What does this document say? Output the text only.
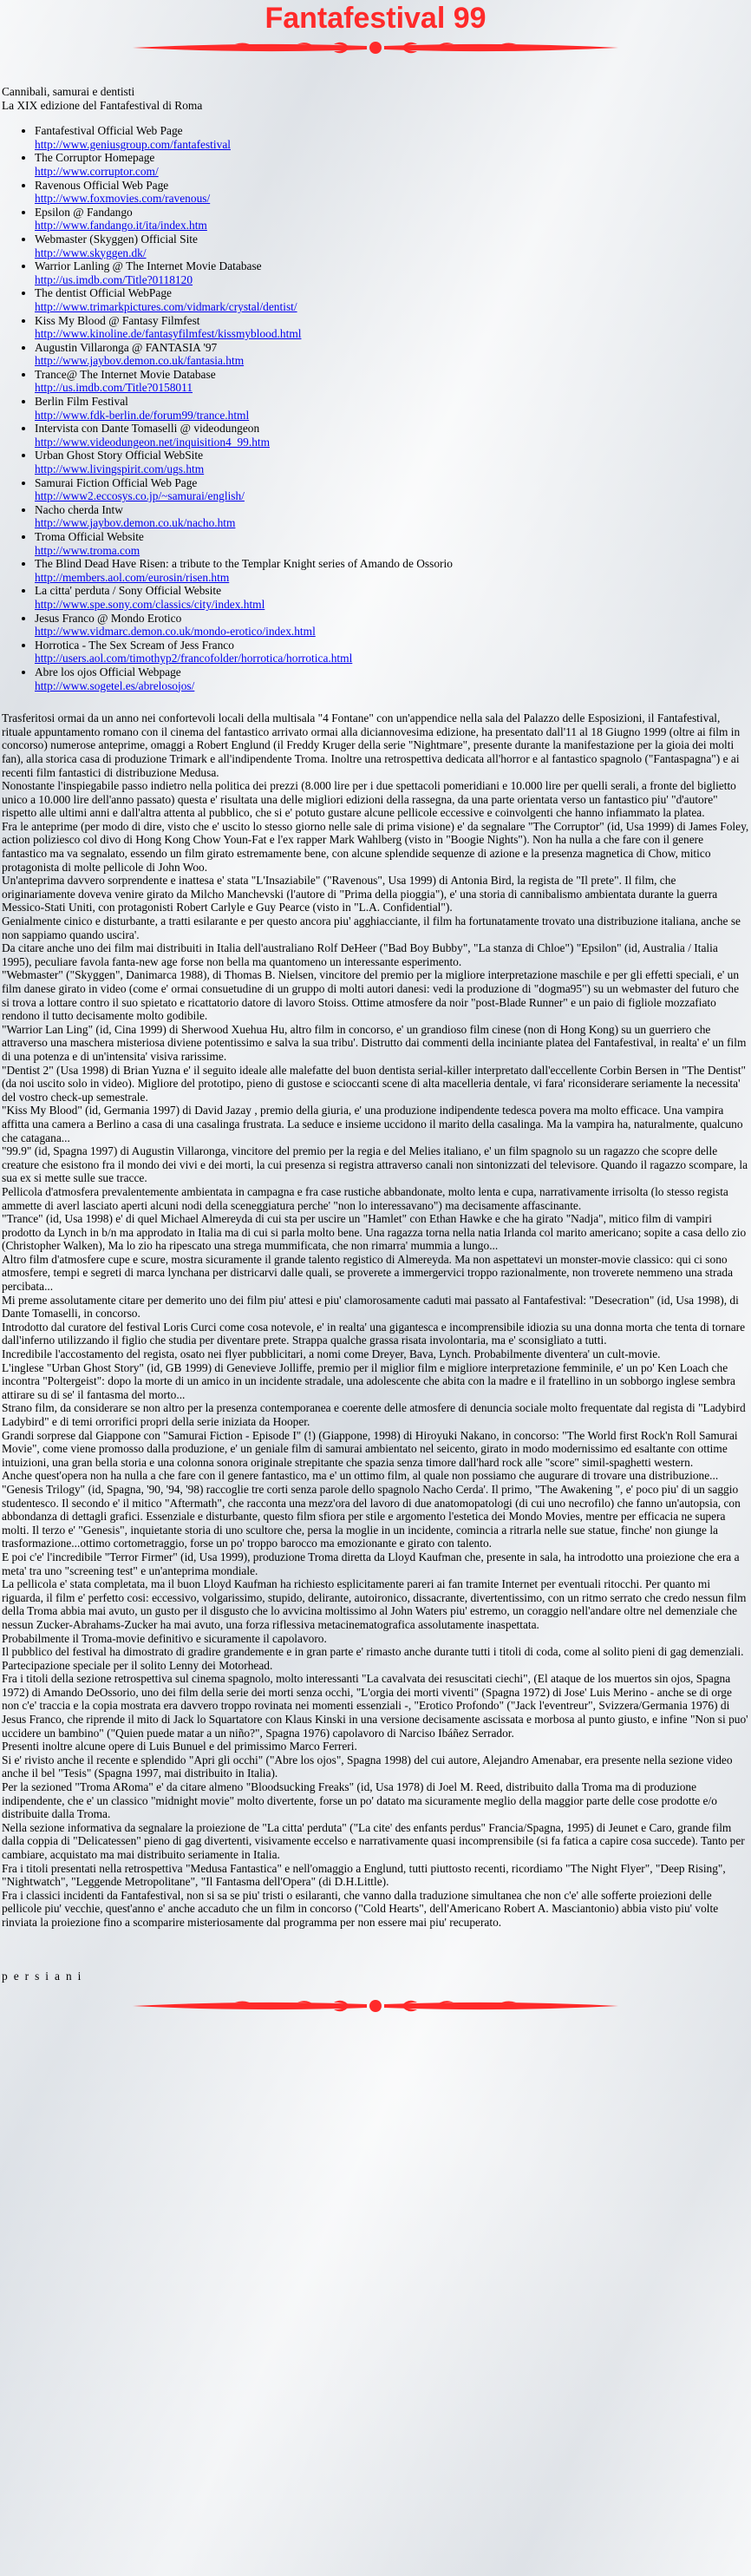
Fantafestival 99
Cannibali, samurai e dentisti
La XIX edizione del Fantafestival di Roma
• Fantafestival Official Web Page
http://www.geniusgroup.com/fantafestival
• The Corruptor Homepage
http://www.corruptor.com/
• Ravenous Official Web Page
http://www.foxmovies.com/ravenous/
• Epsilon @ Fandango
http://www.fandango.it/ita/index.htm
• Webmaster (Skyggen) Official Site
http://www.skyggen.dk/
• Warrior Lanling @ The Internet Movie Database
http://us.imdb.com/Title?0118120
• The dentist Official WebPage
http://www.trimarkpictures.com/vidmark/crystal/dentist/
• Kiss My Blood @ Fantasy Filmfest
http://www.kinoline.de/fantasyfilmfest/kissmyblood.html
• Augustin Villaronga @ FANTASIA '97
http://www.jaybov.demon.co.uk/fantasia.htm
• Trance@ The Internet Movie Database
http://us.imdb.com/Title?0158011
• Berlin Film Festival
http://www.fdk-berlin.de/forum99/trance.html
• Intervista con Dante Tomaselli @ videodungeon
http://www.videodungeon.net/inquisition4_99.htm
• Urban Ghost Story Official WebSite
http://www.livingspirit.com/ugs.htm
• Samurai Fiction Official Web Page
http://www2.eccosys.co.jp/~samurai/english/
• Nacho cherda Intw
http://www.jaybov.demon.co.uk/nacho.htm
• Troma Official Website
http://www.troma.com
• The Blind Dead Have Risen: a tribute to the Templar Knight series of Amando de Ossorio
http://members.aol.com/eurosin/risen.htm
• La citta' perduta / Sony Official Website
http://www.spe.sony.com/classics/city/index.html
• Jesus Franco @ Mondo Erotico
http://www.vidmarc.demon.co.uk/mondo-erotico/index.html
• Horrotica - The Sex Scream of Jess Franco
http://users.aol.com/timothyp2/francofolder/horrotica/horrotica.html
• Abre los ojos Official Webpage
http://www.sogetel.es/abrelosojos/

Trasferitosi ormai da un anno nei confortevoli locali della multisala "4 Fontane" con un'appendice nella sala del Palazzo delle Esposizioni, il Fantafestival, rituale appuntamento romano con il cinema del fantastico arrivato ormai alla diciannovesima edizione, ha presentato dall'11 al 18 Giugno 1999 (oltre ai film in concorso) numerose anteprime, omaggi a Robert Englund (il Freddy Kruger della serie "Nightmare", presente durante la manifestazione per la gioia dei molti fan), alla storica casa di produzione Trimark e all'indipendente Troma. Inoltre una retrospettiva dedicata all'horror e al fantastico spagnolo ("Fantaspagna") e ai recenti film fantastici di distribuzione Medusa.

Nonostante l'inspiegabile passo indietro nella politica dei prezzi (8.000 lire per i due spettacoli pomeridiani e 10.000 lire per quelli serali, a fronte del biglietto unico a 10.000 lire dell'anno passato) questa e' risultata una delle migliori edizioni della rassegna, da una parte orientata verso un fantastico piu' "d'autore" rispetto alle ultimi anni e dall'altra attenta al pubblico, che si e' potuto gustare alcune pellicole eccessive e coinvolgenti che hanno infiammato la platea.

Fra le anteprime (per modo di dire, visto che e' uscito lo stesso giorno nelle sale di prima visione) e' da segnalare "The Corruptor" (id, Usa 1999) di James Foley, action poliziesco col divo di Hong Kong Chow Youn-Fat e l'ex rapper Mark Wahlberg (visto in "Boogie Nights"). Non ha nulla a che fare con il genere fantastico ma va segnalato, essendo un film girato estremamente bene, con alcune splendide sequenze di azione e la presenza magnetica di Chow, mitico protagonista di molte pellicole di John Woo.

Un'anteprima davvero sorprendente e inattesa e' stata "L'Insaziabile" ("Ravenous", Usa 1999) di Antonia Bird, la regista de "Il prete". Il film, che originariamente doveva venire girato da Milcho Manchevski (l'autore di "Prima della pioggia"), e' una storia di cannibalismo ambientata durante la guerra Messico-Stati Uniti, con protagonisti Robert Carlyle e Guy Pearce (visto in "L.A. Confidential").

Genialmente cinico e disturbante, a tratti esilarante e per questo ancora piu' agghiacciante, il film ha fortunatamente trovato una distribuzione italiana, anche se non sappiamo quando uscira'.

Da citare anche uno dei film mai distribuiti in Italia dell'australiano Rolf DeHeer ("Bad Boy Bubby", "La stanza di Chloe") "Epsilon" (id, Australia / Italia 1995), peculiare favola fanta-new age forse non bella ma quantomeno un interessante esperimento.

"Webmaster" ("Skyggen", Danimarca 1988), di Thomas B. Nielsen, vincitore del premio per la migliore interpretazione maschile e per gli effetti speciali, e' un film danese girato in video (come e' ormai consuetudine di un gruppo di molti autori danesi: vedi la produzione di "dogma95") su un webmaster del futuro che si trova a lottare contro il suo spietato e ricattatorio datore di lavoro Stoiss. Ottime atmosfere da noir "post-Blade Runner" e un paio di figliole mozzafiato rendono il tutto decisamente molto godibile.

"Warrior Lan Ling" (id, Cina 1999) di Sherwood Xuehua Hu, altro film in concorso, e' un grandioso film cinese (non di Hong Kong) su un guerriero che attraverso una maschera misteriosa diviene potentissimo e salva la sua tribu'. Distrutto dai commenti della inciniante platea del Fantafestival, in realta' e' un film di una potenza e di un'intensita' visiva rarissime.

"Dentist 2" (Usa 1998) di Brian Yuzna e' il seguito ideale alle malefatte del buon dentista serial-killer interpretato dall'eccellente Corbin Bersen in "The Dentist" (da noi uscito solo in video). Migliore del prototipo, pieno di gustose e scioccanti scene di alta macelleria dentale, vi fara' riconsiderare seriamente la necessita' del vostro check-up semestrale.

"Kiss My Blood" (id, Germania 1997) di David Jazay , premio della giuria, e' una produzione indipendente tedesca povera ma molto efficace. Una vampira affitta una camera a Berlino a casa di una casalinga frustrata. La seduce e insieme uccidono il marito della casalinga. Ma la vampira ha, naturalmente, qualcuno che catagana...

"99.9" (id, Spagna 1997) di Augustin Villaronga, vincitore del premio per la regia e del Melies italiano, e' un film spagnolo su un ragazzo che scopre delle creature che esistono fra il mondo dei vivi e dei morti, la cui presenza si registra attraverso canali non sintonizzati del televisore. Quando il ragazzo scompare, la sua ex si mette sulle sue tracce.

Pellicola d'atmosfera prevalentemente ambientata in campagna e fra case rustiche abbandonate, molto lenta e cupa, narrativamente irrisolta (lo stesso regista ammette di averl lasciato aperti alcuni nodi della sceneggiatura perche' "non lo interessavano") ma decisamente affascinante.

"Trance" (id, Usa 1998) e' di quel Michael Almereyda di cui sta per uscire un "Hamlet" con Ethan Hawke e che ha girato "Nadja", mitico film di vampiri prodotto da Lynch in b/n ma approdato in Italia ma di cui si parla molto bene. Una ragazza torna nella natia Irlanda col marito americano; sopite a casa dello zio (Christopher Walken), Ma lo zio ha ripescato una strega mummificata, che non rimarra' mummia a lungo...

Altro film d'atmosfere cupe e scure, mostra sicuramente il grande talento registico di Almereyda. Ma non aspettatevi un monster-movie classico: qui ci sono atmosfere, tempi e segreti di marca lynchana per districarvi dalle quali, se proverete a immergervici troppo razionalmente, non troverete nemmeno una strada percibata...

Mi preme assolutamente citare per demerito uno dei film piu' attesi e piu' clamorosamente caduti mai passato al Fantafestival: "Desecration" (id, Usa 1998), di Dante Tomaselli, in concorso.

Introdotto dal curatore del festival Loris Curci come cosa notevole, e' in realta' una gigantesca e incomprensibile idiozia su una donna morta che tenta di tornare dall'inferno utilizzando il figlio che studia per diventare prete. Strappa qualche grassa risata involontaria, ma e' sconsigliato a tutti.

Incredibile l'accostamento del regista, osato nei flyer pubblicitari, a nomi come Dreyer, Bava, Lynch. Probabilmente diventera' un cult-movie.

L'inglese "Urban Ghost Story" (id, GB 1999) di Genevieve Jolliffe, premio per il miglior film e migliore interpretazione femminile, e' un po' Ken Loach che incontra "Poltergeist": dopo la morte di un amico in un incidente stradale, una adolescente che abita con la madre e il fratellino in un sobborgo inglese sembra attirare su di se' il fantasma del morto...

Strano film, da considerare se non altro per la presenza contemporanea e coerente delle atmosfere di denuncia sociale molto frequentate dal regista di "Ladybird Ladybird" e di temi orrorifici propri della serie iniziata da Hooper.

Grandi sorprese dal Giappone con "Samurai Fiction - Episode I" (!) (Giappone, 1998) di Hiroyuki Nakano, in concorso: "The World first Rock'n Roll Samurai Movie", come viene promosso dalla produzione, e' un geniale film di samurai ambientato nel seicento, girato in modo modernissimo ed esaltante con ottime intuizioni, una gran bella storia e una colonna sonora originale strepitante che spazia senza timore dall'hard rock alle "score" simil-spaghetti western.

Anche quest'opera non ha nulla a che fare con il genere fantastico, ma e' un ottimo film, al quale non possiamo che augurare di trovare una distribuzione...

"Genesis Trilogy" (id, Spagna, '90, '94, '98) raccoglie tre corti senza parole dello spagnolo Nacho Cerda'. Il primo, "The Awakening ", e' poco piu' di un saggio studentesco. Il secondo e' il mitico "Aftermath", che racconta una mezz'ora del lavoro di due anatomopatologi (di cui uno necrofilo) che fanno un'autopsia, con abbondanza di dettagli grafici. Essenziale e disturbante, questo film sfiora per stile e argomento l'estetica dei Mondo Movies, mentre per efficacia ne supera molti. Il terzo e' "Genesis", inquietante storia di uno scultore che, persa la moglie in un incidente, comincia a ritrarla nelle sue statue, finche' non giunge la trasformazione...ottimo cortometraggio, forse un po' troppo barocco ma emozionante e girato con talento.

E poi c'e' l'incredibile "Terror Firmer" (id, Usa 1999), produzione Troma diretta da Lloyd Kaufman che, presente in sala, ha introdotto una proiezione che era a meta' tra uno "screening test" e un'anteprima mondiale.

La pellicola e' stata completata, ma il buon Lloyd Kaufman ha richiesto esplicitamente pareri ai fan tramite Internet per eventuali ritocchi. Per quanto mi riguarda, il film e' perfetto cosi: eccessivo, volgarissimo, stupido, delirante, autoironico, dissacrante, divertentissimo, con un ritmo serrato che credo nessun film della Troma abbia mai avuto, un gusto per il disgusto che lo avvicina moltissimo al John Waters piu' estremo, un coraggio nell'andare oltre nel demenziale che nessun Zucker-Abrahams-Zucker ha mai avuto, una forza riflessiva metacinematografica assolutamente inaspettata.

Probabilmente il Troma-movie definitivo e sicuramente il capolavoro.

Il pubblico del festival ha dimostrato di gradire grandemente e in gran parte e' rimasto anche durante tutti i titoli di coda, come al solito pieni di gag demenziali. Partecipazione speciale per il solito Lenny dei Motorhead.

Fra i titoli della sezione retrospettiva sul cinema spagnolo, molto interessanti "La cavalvata dei resuscitati ciechi", (El ataque de los muertos sin ojos, Spagna 1972) di Amando DeOssorio, uno dei film della serie dei morti senza occhi, "L'orgia dei morti viventi" (Spagna 1972) di Jose' Luis Merino - anche se di orge non c'e' traccia e la copia mostrata era davvero troppo rovinata nei momenti essenziali -, "Erotico Profondo" ("Jack l'eventreur", Svizzera/Germania 1976) di Jesus Franco, che riprende il mito di Jack lo Squartatore con Klaus Kinski in una versione decisamente ascissata e morbosa al punto giusto, e infine "Non si puo' uccidere un bambino" ("Quien puede matar a un niño?", Spagna 1976) capolavoro di Narciso Ibáñez Serrador.

Presenti inoltre alcune opere di Luis Bunuel e del primissimo Marco Ferreri.

Si e' rivisto anche il recente e splendido "Apri gli occhi" ("Abre los ojos", Spagna 1998) del cui autore, Alejandro Amenabar, era presente nella sezione video anche il bel "Tesis" (Spagna 1997, mai distribuito in Italia).

Per la sezioned "Troma ARoma" e' da citare almeno "Bloodsucking Freaks" (id, Usa 1978) di Joel M. Reed, distribuito dalla Troma ma di produzione indipendente, che e' un classico "midnight movie" molto divertente, forse un po' datato ma sicuramente meglio della maggior parte delle cose prodotte e/o distribuite dalla Troma.

Nella sezione informativa da segnalare la proiezione de "La citta' perduta" ("La cite' des enfants perdus" Francia/Spagna, 1995) di Jeunet e Caro, grande film dalla coppia di "Delicatessen" pieno di gag divertenti, visivamente eccelso e narrativamente quasi incomprensibile (si fa fatica a capire cosa succede). Tanto per cambiare, acquistato ma mai distribuito seriamente in Italia.

Fra i titoli presentati nella retrospettiva "Medusa Fantastica" e nell'omaggio a Englund, tutti piuttosto recenti, ricordiamo "The Night Flyer", "Deep Rising", "Nightwatch", "Leggende Metropolitane", "Il Fantasma dell'Opera" (di D.H.Little).

Fra i classici incidenti da Fantafestival, non si sa se piu' tristi o esilaranti, che vanno dalla traduzione simultanea che non c'e' alle sofferte proiezioni delle pellicole piu' vecchie, quest'anno e' anche accaduto che un film in concorso ("Cold Hearts", dell'Americano Robert A. Masciantonio) abbia visto piu' volte rinviata la proiezione fino a scomparire misteriosamente dal programma per non essere mai piu' recuperato.

persiani
